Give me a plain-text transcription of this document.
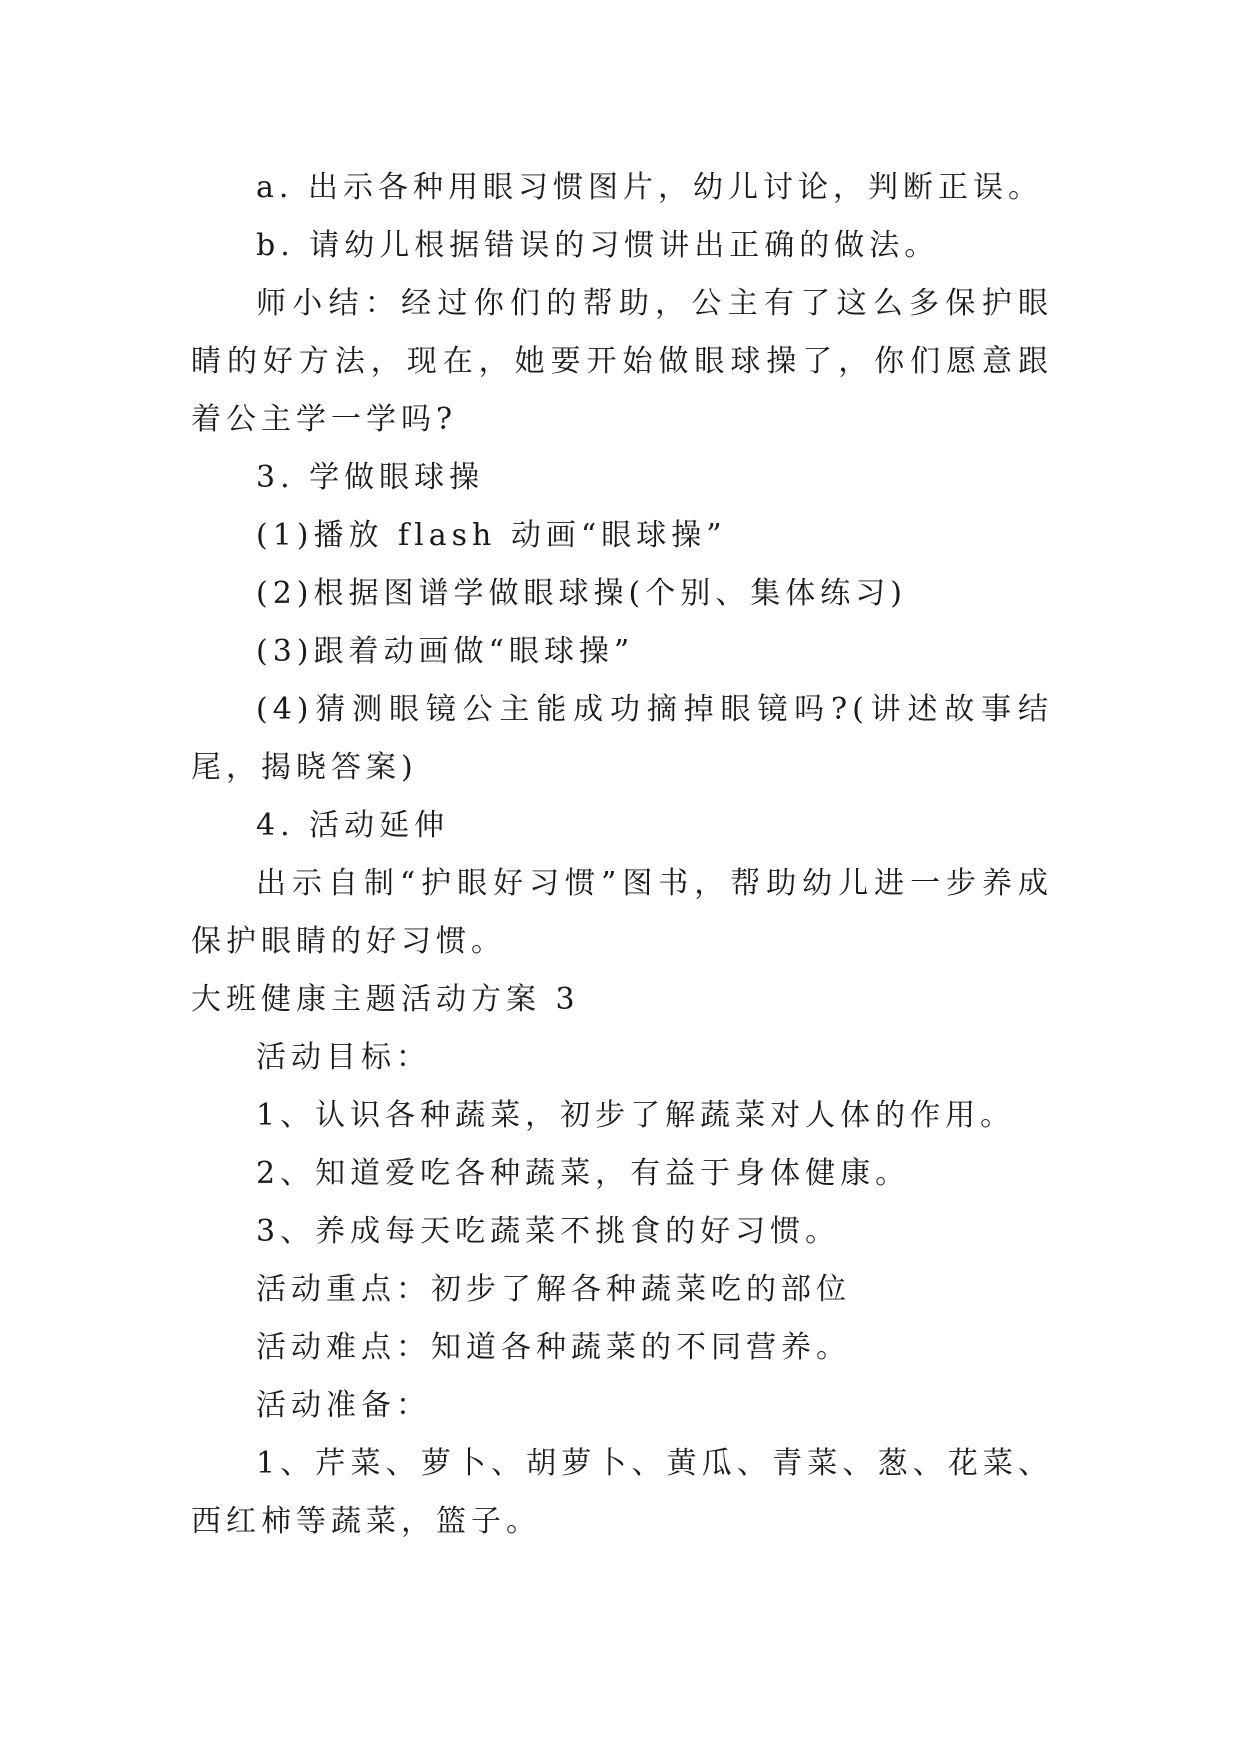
a. 出示各种用眼习惯图片，幼儿讨论，判断正误。

b. 请幼儿根据错误的习惯讲出正确的做法。

师小结：经过你们的帮助，公主有了这么多保护眼睛的好方法，现在，她要开始做眼球操了，你们愿意跟着公主学一学吗?

3. 学做眼球操

(1)播放 flash 动画“眼球操”

(2)根据图谱学做眼球操(个别、集体练习)

(3)跟着动画做“眼球操”

(4)猜测眼镜公主能成功摘掉眼镜吗?(讲述故事结尾，揭晓答案)

4. 活动延伸

出示自制“护眼好习惯”图书，帮助幼儿进一步养成保护眼睛的好习惯。

大班健康主题活动方案 3

活动目标：

1、认识各种蔬菜，初步了解蔬菜对人体的作用。

2、知道爱吃各种蔬菜，有益于身体健康。

3、养成每天吃蔬菜不挑食的好习惯。

活动重点：初步了解各种蔬菜吃的部位

活动难点：知道各种蔬菜的不同营养。

活动准备：

1、芹菜、萝卜、胡萝卜、黄瓜、青菜、葱、花菜、西红柿等蔬菜，篮子。
